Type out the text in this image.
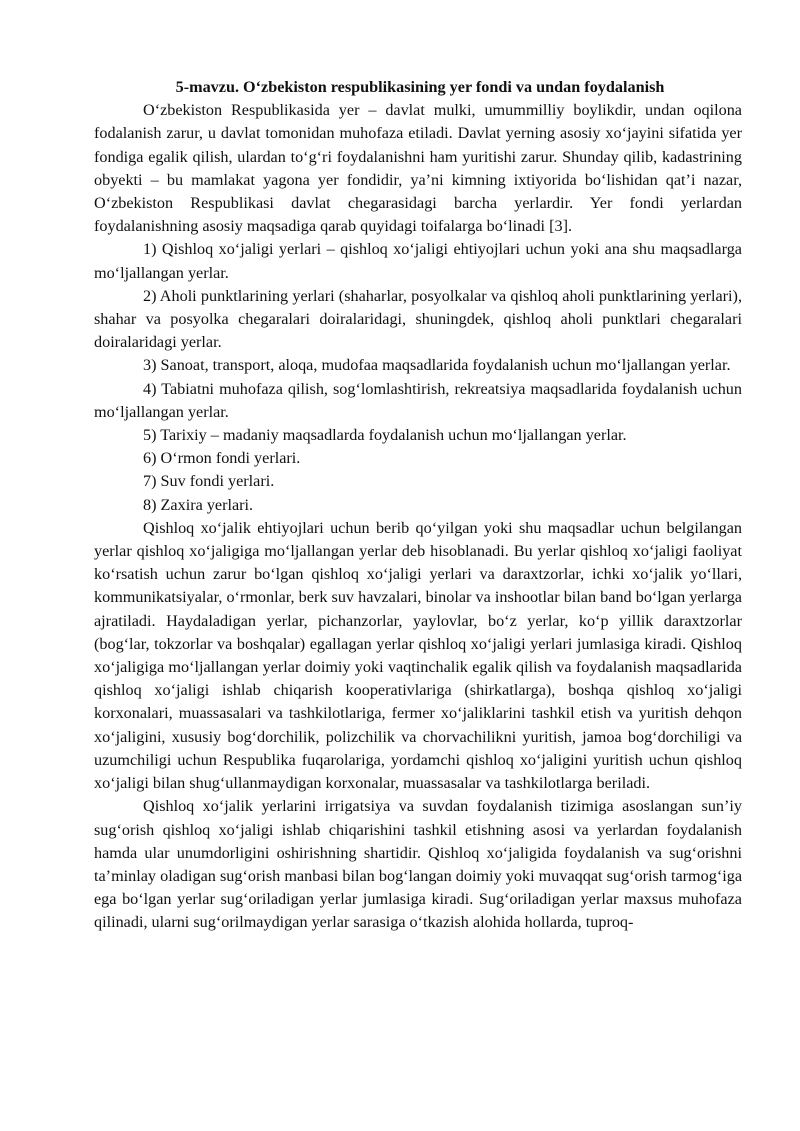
5-mavzu. Oʻzbekiston respublikasining yer fondi va undan foydalanish

Oʻzbekiston Respublikasida yer – davlat mulki, umummilliy boylikdir, undan oqilona fodalanish zarur, u davlat tomonidan muhofaza etiladi. Davlat yerning asosiy xoʻjayini sifatida yer fondiga egalik qilish, ulardan toʻgʻri foydalanishni ham yuritishi zarur. Shunday qilib, kadastrining obyekti – bu mamlakat yagona yer fondidir, yaʼni kimning ixtiyorida boʻlishidan qatʼi nazar, Oʻzbekiston Respublikasi davlat chegarasidagi barcha yerlardir. Yer fondi yerlardan foydalanishning asosiy maqsadiga qarab quyidagi toifalarga boʻlinadi [3].

1) Qishloq xoʻjaligi yerlari – qishloq xoʻjaligi ehtiyojlari uchun yoki ana shu maqsadlarga moʻljallangan yerlar.

2) Aholi punktlarining yerlari (shaharlar, posyolkalar va qishloq aholi punktlarining yerlari), shahar va posyolka chegaralari doiralaridagi, shuningdek, qishloq aholi punktlari chegaralari doiralaridagi yerlar.

3) Sanoat, transport, aloqa, mudofaa maqsadlarida foydalanish uchun moʻljallangan yerlar.

4) Tabiatni muhofaza qilish, sogʻlomlashtirish, rekreatsiya maqsadlarida foydalanish uchun moʻljallangan yerlar.

5) Tarixiy – madaniy maqsadlarda foydalanish uchun moʻljallangan yerlar.

6) Oʻrmon fondi yerlari.

7) Suv fondi yerlari.

8) Zaxira yerlari.

Qishloq xoʻjalik ehtiyojlari uchun berib qoʻyilgan yoki shu maqsadlar uchun belgilangan yerlar qishloq xoʻjaligiga moʻljallangan yerlar deb hisoblanadi. Bu yerlar qishloq xoʻjaligi faoliyat koʻrsatish uchun zarur boʻlgan qishloq xoʻjaligi yerlari va daraxtzorlar, ichki xoʻjalik yoʻllari, kommunikatsiyalar, oʻrmonlar, berk suv havzalari, binolar va inshootlar bilan band boʻlgan yerlarga ajratiladi. Haydaladigan yerlar, pichanzorlar, yaylovlar, boʻz yerlar, koʻp yillik daraxtzorlar (bogʻlar, tokzorlar va boshqalar) egallagan yerlar qishloq xoʻjaligi yerlari jumlasiga kiradi. Qishloq xoʻjaligiga moʻljallangan yerlar doimiy yoki vaqtinchalik egalik qilish va foydalanish maqsadlarida qishloq xoʻjaligi ishlab chiqarish kooperativlariga (shirkatlarga), boshqa qishloq xoʻjaligi korxonalari, muassasalari va tashkilotlariga, fermer xoʻjaliklarini tashkil etish va yuritish dehqon xoʻjaligini, xususiy bogʻdorchilik, polizchilik va chorvachilikni yuritish, jamoa bogʻdorchiligi va uzumchiligi uchun Respublika fuqarolariga, yordamchi qishloq xoʻjaligini yuritish uchun qishloq xoʻjaligi bilan shugʻullanmaydigan korxonalar, muassasalar va tashkilotlarga beriladi.

Qishloq xoʻjalik yerlarini irrigatsiya va suvdan foydalanish tizimiga asoslangan sunʼiy sugʻorish qishloq xoʻjaligi ishlab chiqarishini tashkil etishning asosi va yerlardan foydalanish hamda ular unumdorligini oshirishning shartidir. Qishloq xoʻjaligida foydalanish va sugʻorishni taʼminlay oladigan sugʻorish manbasi bilan bogʻlangan doimiy yoki muvaqqat sugʻorish tarmogʻiga ega boʻlgan yerlar sugʻoriladigan yerlar jumlasiga kiradi. Sugʻoriladigan yerlar maxsus muhofaza qilinadi, ularni sugʻorilmaydigan yerlar sarasiga oʻtkazish alohida hollarda, tuproq-
